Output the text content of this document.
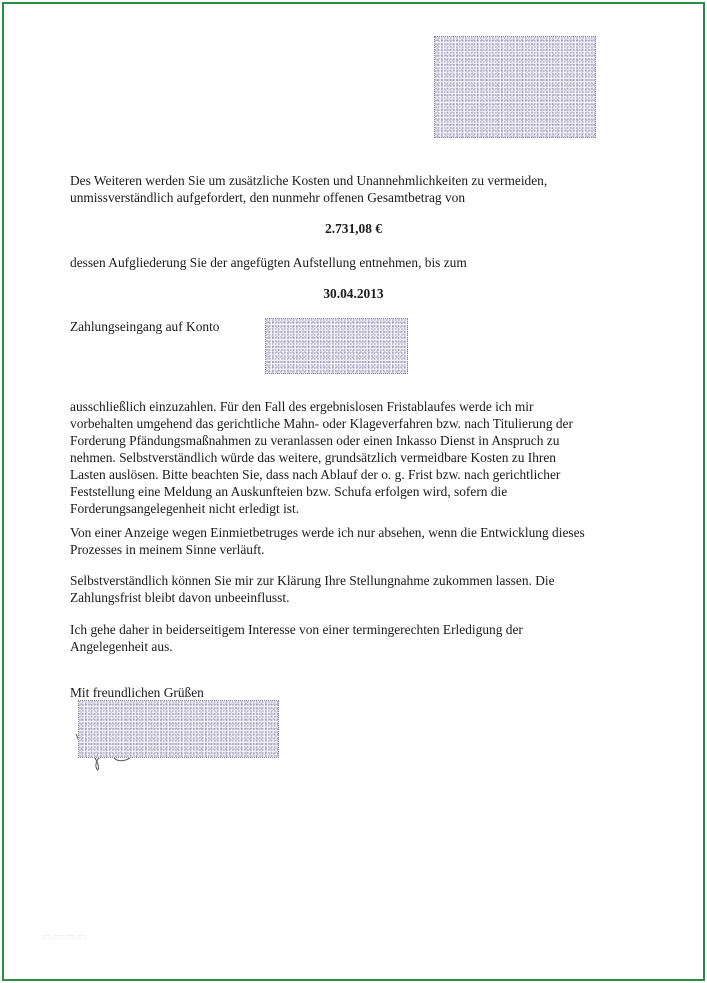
Des Weiteren werden Sie um zusätzliche Kosten und Unannehmlichkeiten zu vermeiden,
unmissverständlich aufgefordert, den nunmehr offenen Gesamtbetrag von
2.731,08 €
dessen Aufgliederung Sie der angefügten Aufstellung entnehmen, bis zum
30.04.2013
Zahlungseingang auf Konto
ausschließlich einzuzahlen. Für den Fall des ergebnislosen Fristablaufes werde ich mir
vorbehalten umgehend das gerichtliche Mahn- oder Klageverfahren bzw. nach Titulierung der
Forderung Pfändungsmaßnahmen zu veranlassen oder einen Inkasso Dienst in Anspruch zu
nehmen. Selbstverständlich würde das weitere, grundsätzlich vermeidbare Kosten zu Ihren
Lasten auslösen. Bitte beachten Sie, dass nach Ablauf der o. g. Frist bzw. nach gerichtlicher
Feststellung eine Meldung an Auskunfteien bzw. Schufa erfolgen wird, sofern die
Forderungsangelegenheit nicht erledigt ist.
Von einer Anzeige wegen Einmietbetruges werde ich nur absehen, wenn die Entwicklung dieses
Prozesses in meinem Sinne verläuft.
Selbstverständlich können Sie mir zur Klärung Ihre Stellungnahme zukommen lassen. Die
Zahlungsfrist bleibt davon unbeeinflusst.
Ich gehe daher in beiderseitigem Interesse von einer termingerechten Erledigung der
Angelegenheit aus.
Mit freundlichen Grüßen
▭▭▭▭
